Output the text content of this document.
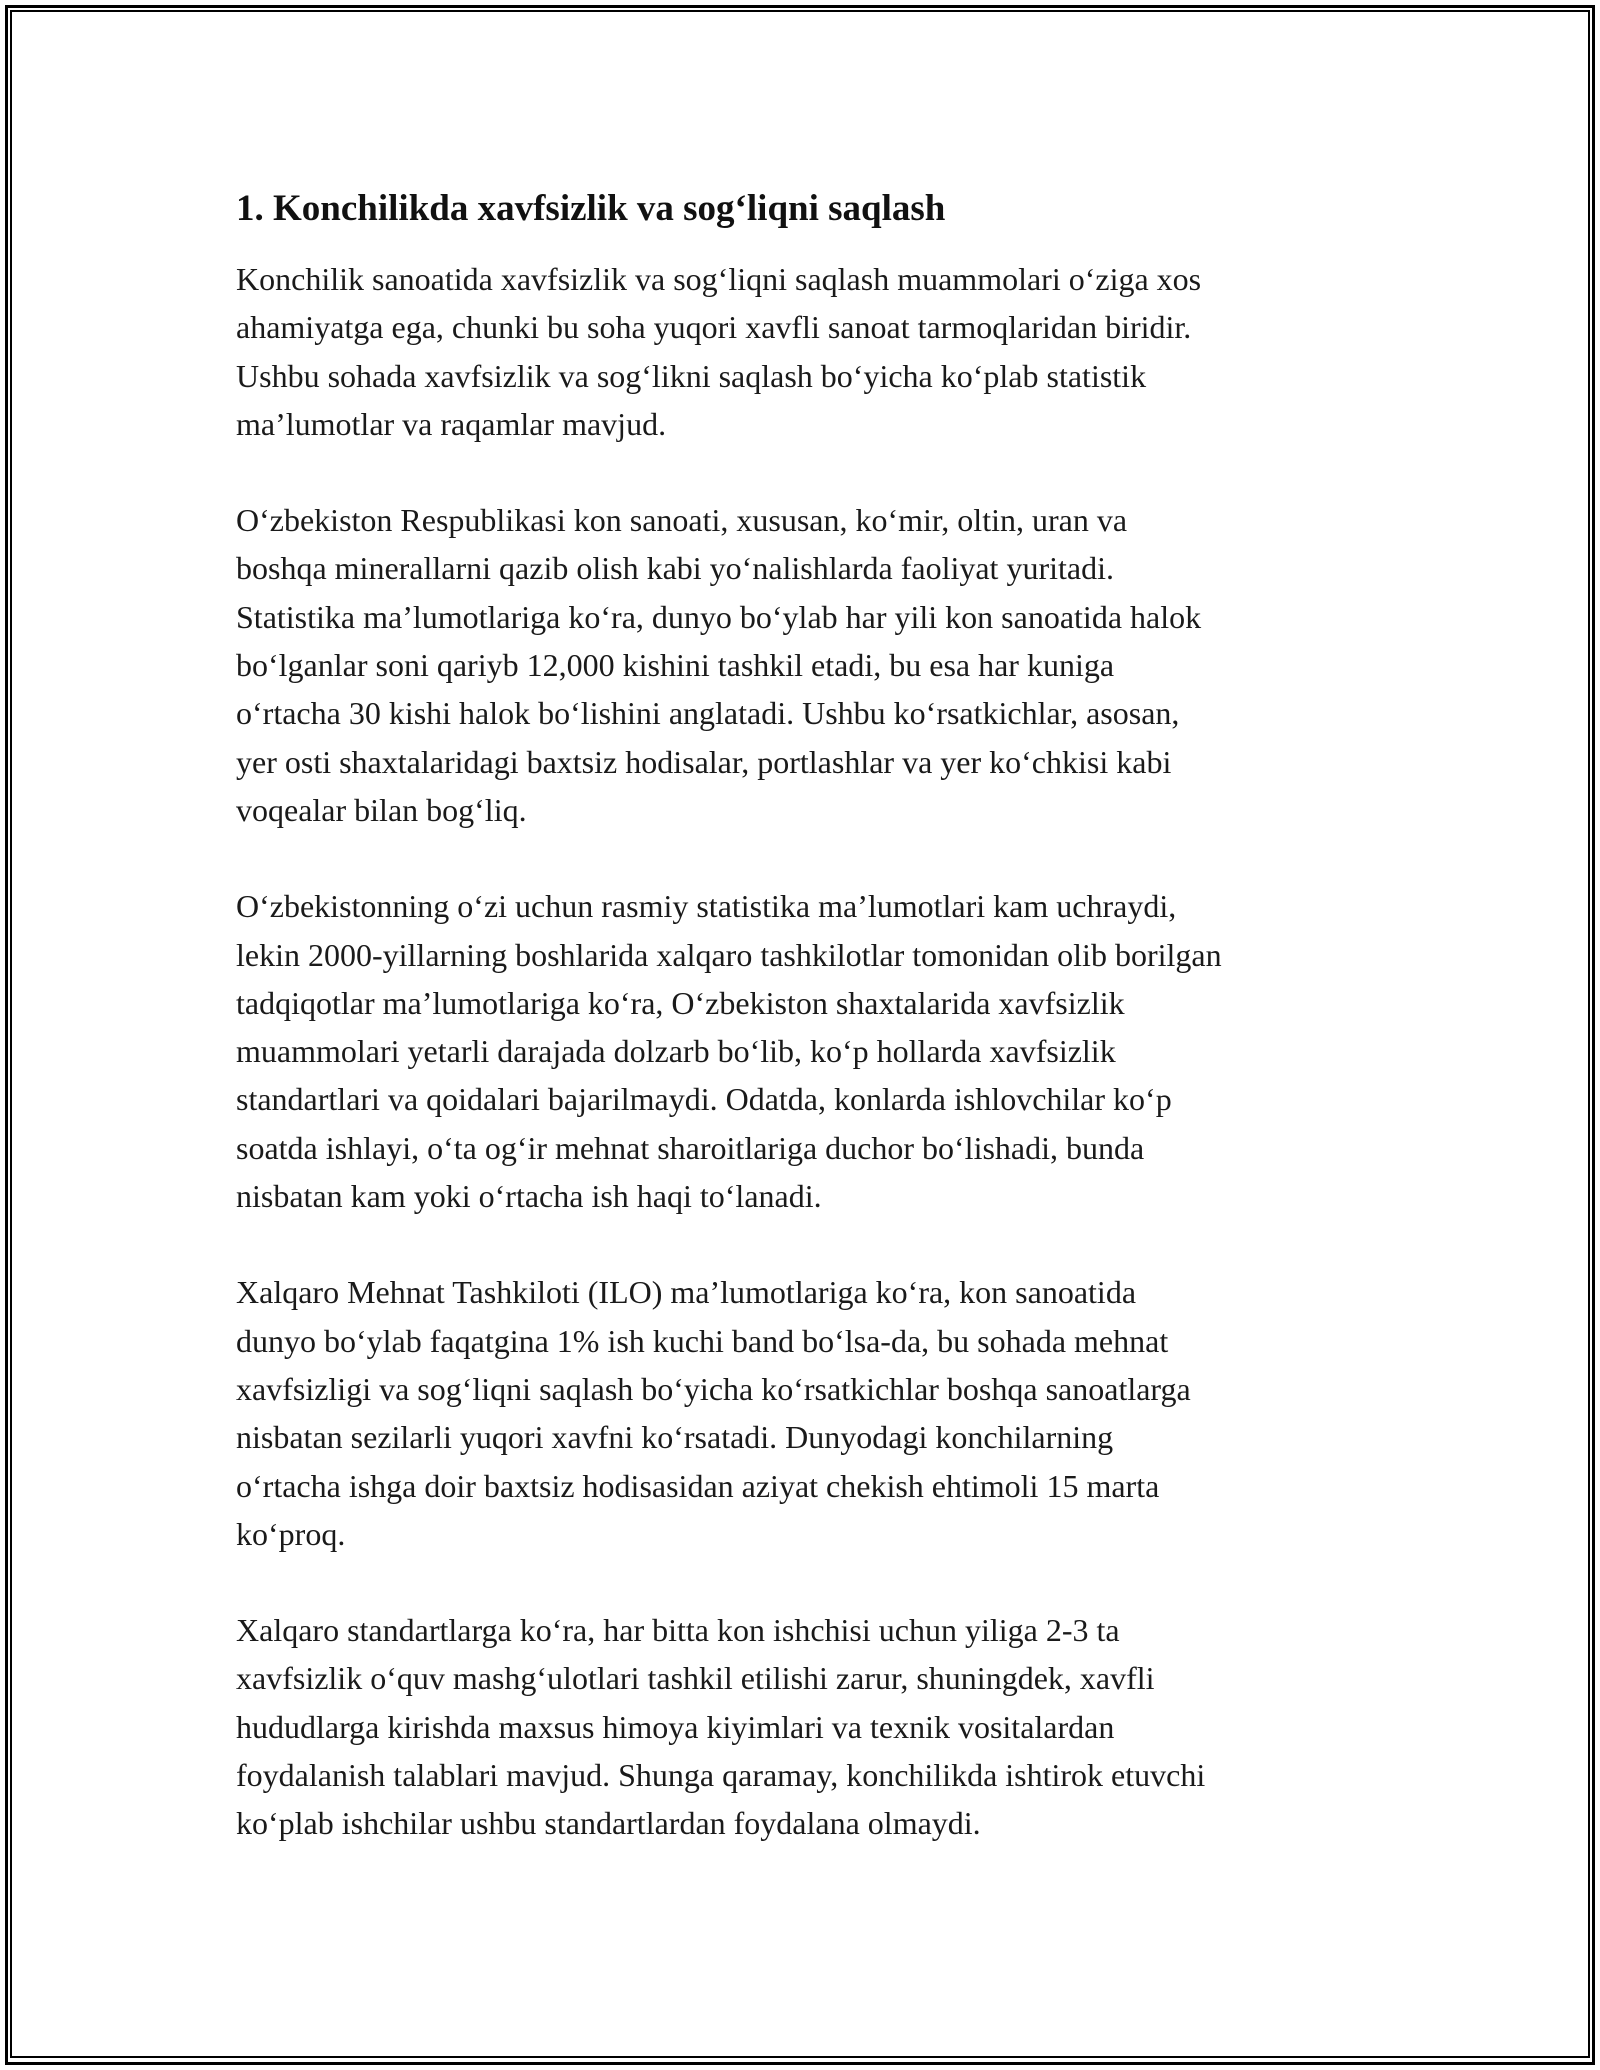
1. Konchilikda xavfsizlik va sog‘liqni saqlash

Konchilik sanoatida xavfsizlik va sog‘liqni saqlash muammolari o‘ziga xos
ahamiyatga ega, chunki bu soha yuqori xavfli sanoat tarmoqlaridan biridir.
Ushbu sohada xavfsizlik va sog‘likni saqlash bo‘yicha ko‘plab statistik
ma’lumotlar va raqamlar mavjud.

O‘zbekiston Respublikasi kon sanoati, xususan, ko‘mir, oltin, uran va
boshqa minerallarni qazib olish kabi yo‘nalishlarda faoliyat yuritadi.
Statistika ma’lumotlariga ko‘ra, dunyo bo‘ylab har yili kon sanoatida halok
bo‘lganlar soni qariyb 12,000 kishini tashkil etadi, bu esa har kuniga
o‘rtacha 30 kishi halok bo‘lishini anglatadi. Ushbu ko‘rsatkichlar, asosan,
yer osti shaxtalaridagi baxtsiz hodisalar, portlashlar va yer ko‘chkisi kabi
voqealar bilan bog‘liq.

O‘zbekistonning o‘zi uchun rasmiy statistika ma’lumotlari kam uchraydi,
lekin 2000-yillarning boshlarida xalqaro tashkilotlar tomonidan olib borilgan
tadqiqotlar ma’lumotlariga ko‘ra, O‘zbekiston shaxtalarida xavfsizlik
muammolari yetarli darajada dolzarb bo‘lib, ko‘p hollarda xavfsizlik
standartlari va qoidalari bajarilmaydi. Odatda, konlarda ishlovchilar ko‘p
soatda ishlayi, o‘ta og‘ir mehnat sharoitlariga duchor bo‘lishadi, bunda
nisbatan kam yoki o‘rtacha ish haqi to‘lanadi.

Xalqaro Mehnat Tashkiloti (ILO) ma’lumotlariga ko‘ra, kon sanoatida
dunyo bo‘ylab faqatgina 1% ish kuchi band bo‘lsa-da, bu sohada mehnat
xavfsizligi va sog‘liqni saqlash bo‘yicha ko‘rsatkichlar boshqa sanoatlarga
nisbatan sezilarli yuqori xavfni ko‘rsatadi. Dunyodagi konchilarning
o‘rtacha ishga doir baxtsiz hodisasidan aziyat chekish ehtimoli 15 marta
ko‘proq.

Xalqaro standartlarga ko‘ra, har bitta kon ishchisi uchun yiliga 2-3 ta
xavfsizlik o‘quv mashg‘ulotlari tashkil etilishi zarur, shuningdek, xavfli
hududlarga kirishda maxsus himoya kiyimlari va texnik vositalardan
foydalanish talablari mavjud. Shunga qaramay, konchilikda ishtirok etuvchi
ko‘plab ishchilar ushbu standartlardan foydalana olmaydi.
